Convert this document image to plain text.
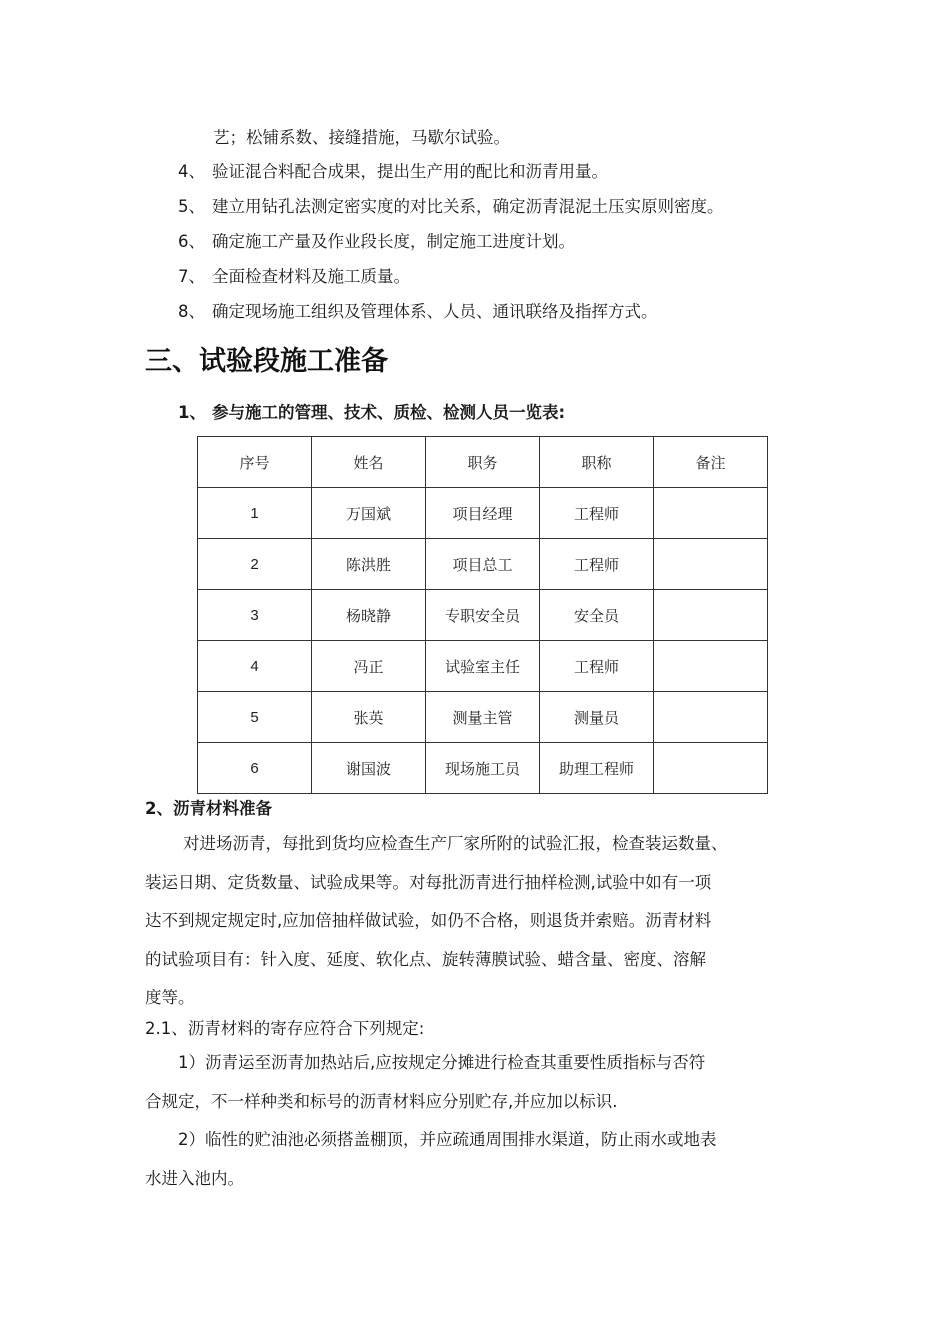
艺；松铺系数、接缝措施，马歇尔试验。
4、 验证混合料配合成果，提出生产用的配比和沥青用量。
5、 建立用钻孔法测定密实度的对比关系，确定沥青混泥土压实原则密度。
6、 确定施工产量及作业段长度，制定施工进度计划。
7、 全面检查材料及施工质量。
8、 确定现场施工组织及管理体系、人员、通讯联络及指挥方式。
三、试验段施工准备
1、 参与施工的管理、技术、质检、检测人员一览表:
序号	姓名	职务	职称	备注
1	万国斌	项目经理	工程师	
2	陈洪胜	项目总工	工程师	
3	杨晓静	专职安全员	安全员	
4	冯正	试验室主任	工程师	
5	张英	测量主管	测量员	
6	谢国波	现场施工员	助理工程师	
2、沥青材料准备
对进场沥青，每批到货均应检查生产厂家所附的试验汇报，检查装运数量、
装运日期、定货数量、试验成果等。对每批沥青进行抽样检测,试验中如有一项
达不到规定规定时,应加倍抽样做试验，如仍不合格，则退货并索赔。沥青材料
的试验项目有：针入度、延度、软化点、旋转薄膜试验、蜡含量、密度、溶解
度等。
2.1、沥青材料的寄存应符合下列规定:
1）沥青运至沥青加热站后,应按规定分摊进行检查其重要性质指标与否符
合规定，不一样种类和标号的沥青材料应分别贮存,并应加以标识.
2）临性的贮油池必须搭盖棚顶，并应疏通周围排水渠道，防止雨水或地表
水进入池内。
